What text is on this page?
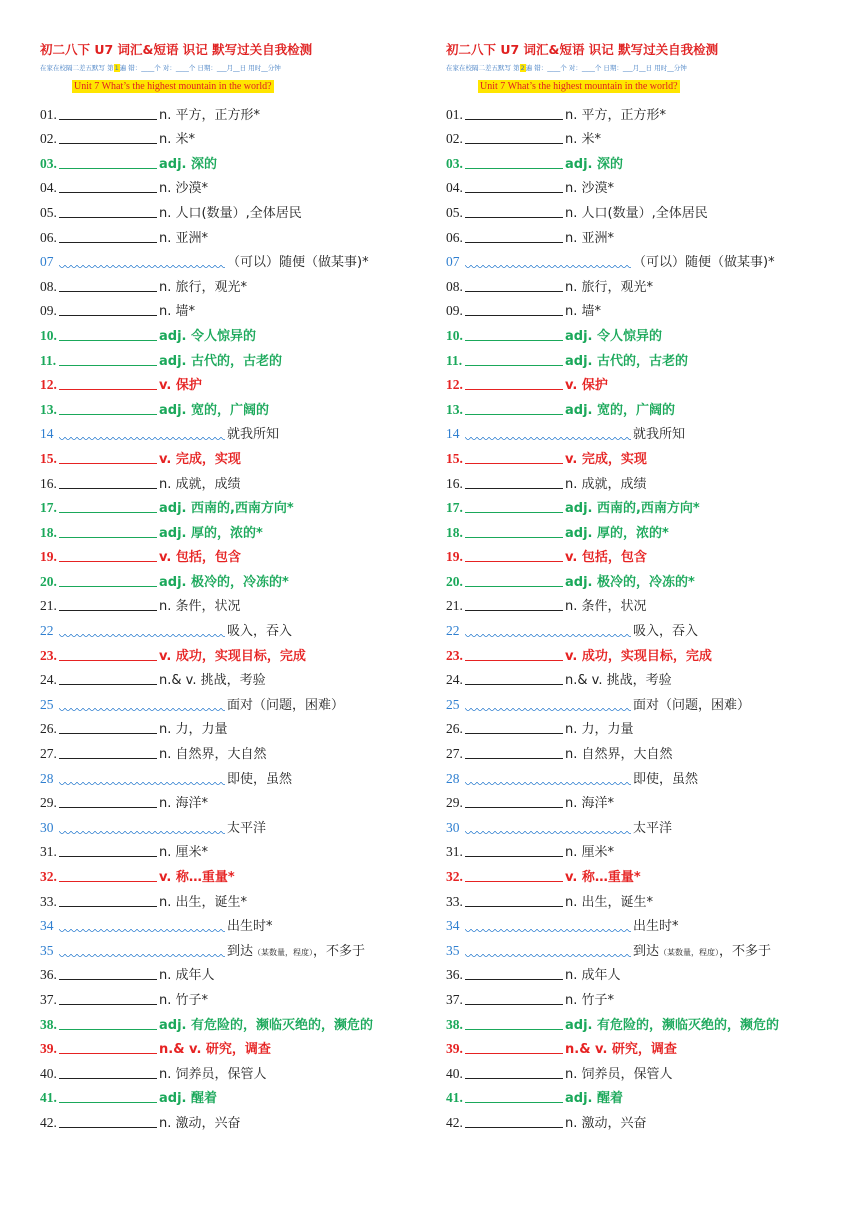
初二八下 U7 词汇&短语 识记 默写过关自我检测
在家在校隔二差五默写 第1遍 错：____个 对：____个 日期：___月__日 用时__分钟
Unit 7 What’s the highest mountain in the world?
01.	n. 平方，正方形*
02.	n. 米*
03.	adj. 深的
04.	n. 沙漠*
05.	n. 人口(数量）,全体居民
06.	n. 亚洲*
07	（可以）随便（做某事)*
08.	n. 旅行，观光*
09.	n. 墙*
10.	adj. 令人惊异的
11.	adj. 古代的，古老的
12.	v. 保护
13.	adj. 宽的，广阔的
14	就我所知
15.	v. 完成，实现
16.	n. 成就，成绩
17.	adj. 西南的,西南方向*
18.	adj. 厚的，浓的*
19.	v. 包括，包含
20.	adj. 极冷的，冷冻的*
21.	n. 条件，状况
22	吸入，吞入
23.	v. 成功，实现目标，完成
24.	n.& v. 挑战，考验
25	面对（问题，困难）
26.	n. 力，力量
27.	n. 自然界，大自然
28	即使，虽然
29.	n. 海洋*
30	太平洋
31.	n. 厘米*
32.	v. 称…重量*
33.	n. 出生，诞生*
34	出生时*
35	到达（某数量，程度），不多于
36.	n. 成年人
37.	n. 竹子*
38.	adj. 有危险的，濒临灭绝的，濒危的
39.	n.& v. 研究，调查
40.	n. 饲养员，保管人
41.	adj. 醒着
42.	n. 激动，兴奋
初二八下 U7 词汇&短语 识记 默写过关自我检测
在家在校隔二差五默写 第2遍 错：____个 对：____个 日期：___月__日 用时__分钟
Unit 7 What’s the highest mountain in the world?
01.	n. 平方，正方形*
02.	n. 米*
03.	adj. 深的
04.	n. 沙漠*
05.	n. 人口(数量）,全体居民
06.	n. 亚洲*
07	（可以）随便（做某事)*
08.	n. 旅行，观光*
09.	n. 墙*
10.	adj. 令人惊异的
11.	adj. 古代的，古老的
12.	v. 保护
13.	adj. 宽的，广阔的
14	就我所知
15.	v. 完成，实现
16.	n. 成就，成绩
17.	adj. 西南的,西南方向*
18.	adj. 厚的，浓的*
19.	v. 包括，包含
20.	adj. 极冷的，冷冻的*
21.	n. 条件，状况
22	吸入，吞入
23.	v. 成功，实现目标，完成
24.	n.& v. 挑战，考验
25	面对（问题，困难）
26.	n. 力，力量
27.	n. 自然界，大自然
28	即使，虽然
29.	n. 海洋*
30	太平洋
31.	n. 厘米*
32.	v. 称…重量*
33.	n. 出生，诞生*
34	出生时*
35	到达（某数量，程度），不多于
36.	n. 成年人
37.	n. 竹子*
38.	adj. 有危险的，濒临灭绝的，濒危的
39.	n.& v. 研究，调查
40.	n. 饲养员，保管人
41.	adj. 醒着
42.	n. 激动，兴奋
